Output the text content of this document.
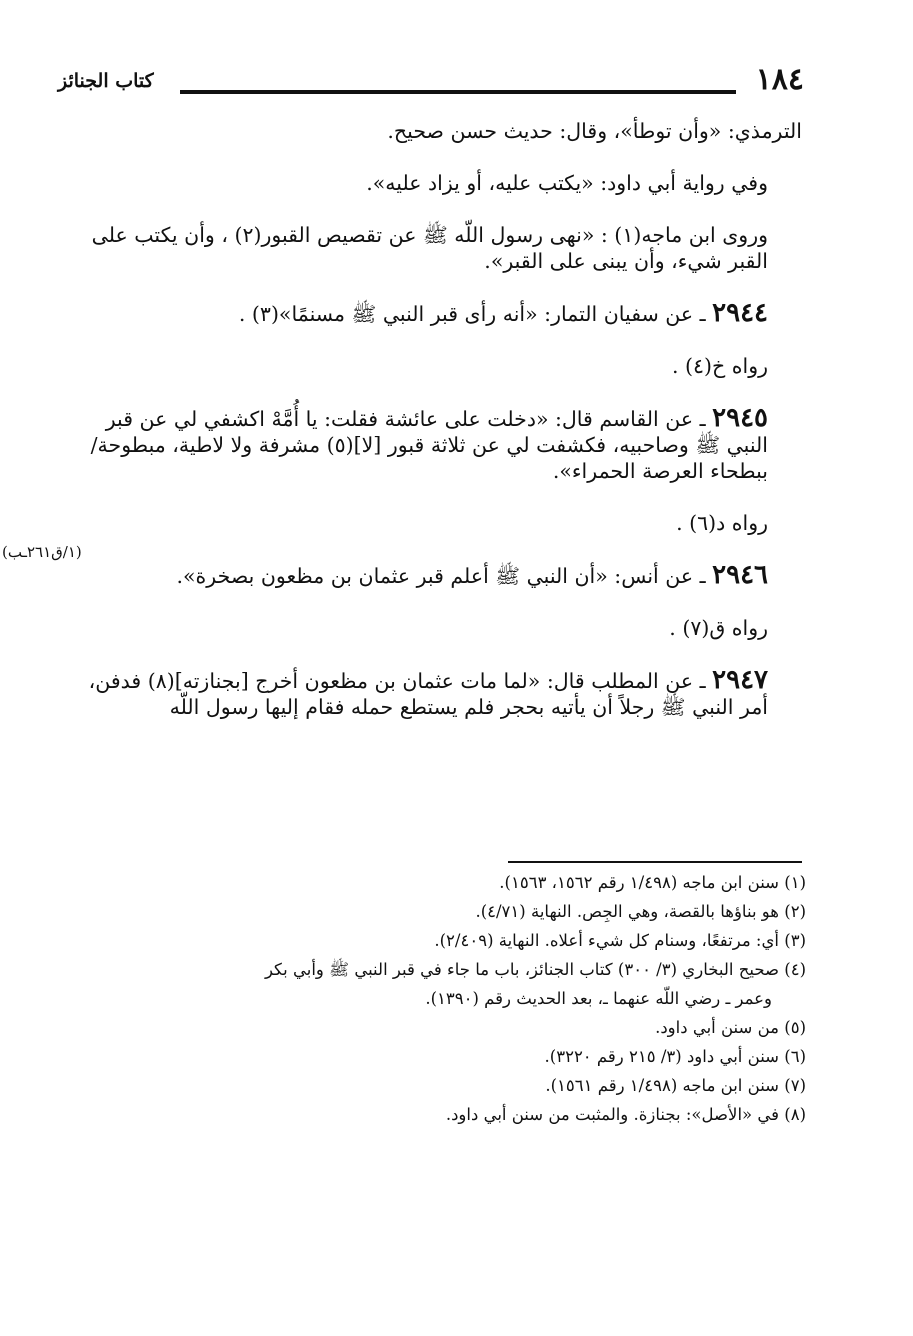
١٨٤
كتاب الجنائز
(١/ق٢٦١ـب)

الترمذي: «وأن توطأ»، وقال: حديث حسن صحيح.

وفي رواية أبي داود: «يكتب عليه، أو يزاد عليه».

وروى ابن ماجه(١) : «نهى رسول اللّه ﷺ عن تقصيص القبور(٢) ، وأن يكتب على القبر شيء، وأن يبنى على القبر».

٢٩٤٤ ـ عن سفيان التمار: «أنه رأى قبر النبي ﷺ مسنمًا»(٣) .

رواه خ(٤) .

٢٩٤٥ ـ عن القاسم قال: «دخلت على عائشة فقلت: يا أُمَّهْ اكشفي لي عن قبر النبي ﷺ وصاحبيه، فكشفت لي عن ثلاثة قبور [لا](٥) مشرفة ولا لاطية، مبطوحة/ ببطحاء العرصة الحمراء».

رواه د(٦) .

٢٩٤٦ ـ عن أنس: «أن النبي ﷺ أعلم قبر عثمان بن مظعون بصخرة».

رواه ق(٧) .

٢٩٤٧ ـ عن المطلب قال: «لما مات عثمان بن مظعون أخرج [بجنازته](٨) فدفن، أمر النبي ﷺ رجلاً أن يأتيه بحجر فلم يستطع حمله فقام إليها رسول اللّه

(١) سنن ابن ماجه (١/٤٩٨ رقم ١٥٦٢، ١٥٦٣).

(٢) هو بناؤها بالقصة، وهي الجِص. النهاية (٤/٧١).

(٣) أي: مرتفعًا، وسنام كل شيء أعلاه. النهاية (٢/٤٠٩).

(٤) صحيح البخاري (٣/ ٣٠٠) كتاب الجنائز، باب ما جاء في قبر النبي ﷺ وأبي بكر

وعمر ـ رضي اللّه عنهما ـ، بعد الحديث رقم (١٣٩٠).

(٥) من سنن أبي داود.

(٦) سنن أبي داود (٣/ ٢١٥ رقم ٣٢٢٠).

(٧) سنن ابن ماجه (١/٤٩٨ رقم ١٥٦١).

(٨) في «الأصل»: بجنازة. والمثبت من سنن أبي داود.
